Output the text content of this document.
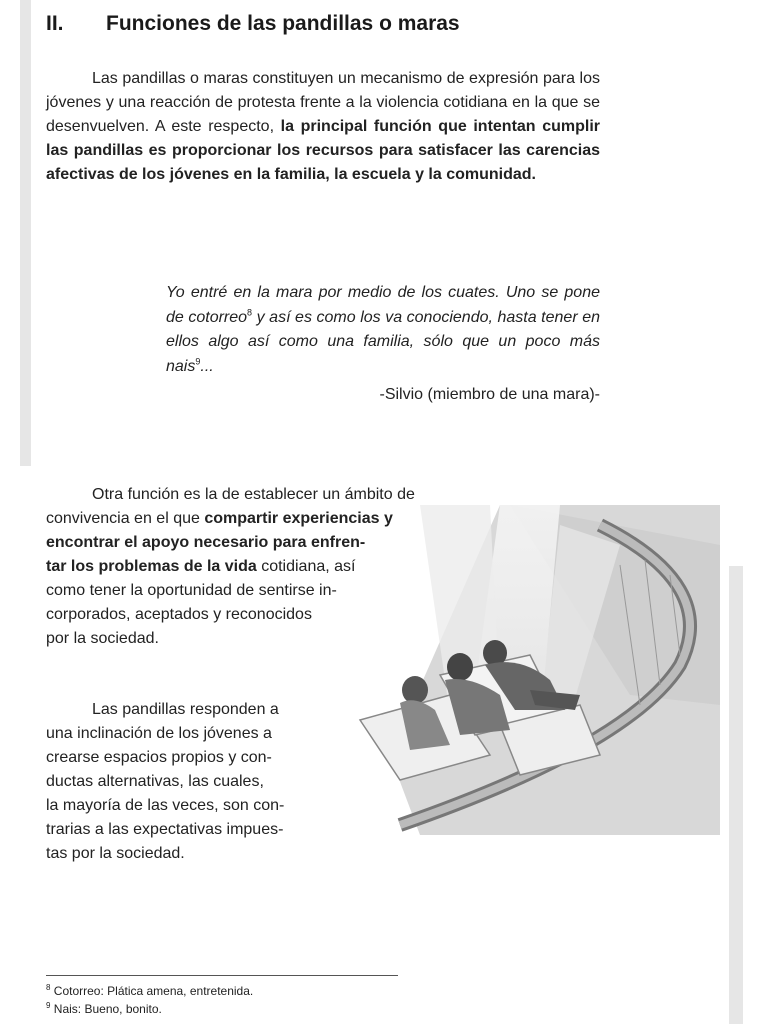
II. Funciones de las pandillas o maras
Las pandillas o maras constituyen un mecanismo de expresión para los jóvenes y una reacción de protesta frente a la violencia cotidiana en la que se desenvuelven. A este respecto, la principal función que intentan cumplir las pandillas es proporcionar los recursos para satisfacer las carencias afectivas de los jóvenes en la familia, la escuela y la comunidad.
Yo entré en la mara por medio de los cuates. Uno se pone de cotorreo$^8$ y así es como los va conociendo, hasta tener en ellos algo así como una familia, sólo que un poco más nais$^9$...
-Silvio (miembro de una mara)-
Otra función es la de establecer un ámbito de
convivencia en el que compartir experiencias y
encontrar el apoyo necesario para enfren-
tar los problemas de la vida cotidiana, así
como tener la oportunidad de sentirse in-
corporados, aceptados y reconocidos
por la sociedad.
Las pandillas responden a
una inclinación de los jóvenes a
crearse espacios propios y con-
ductas alternativas, las cuales,
la mayoría de las veces, son con-
trarias a las expectativas impues-
tas por la sociedad.
$^8$ Cotorreo: Plática amena, entretenida.
$^9$ Nais: Bueno, bonito.
